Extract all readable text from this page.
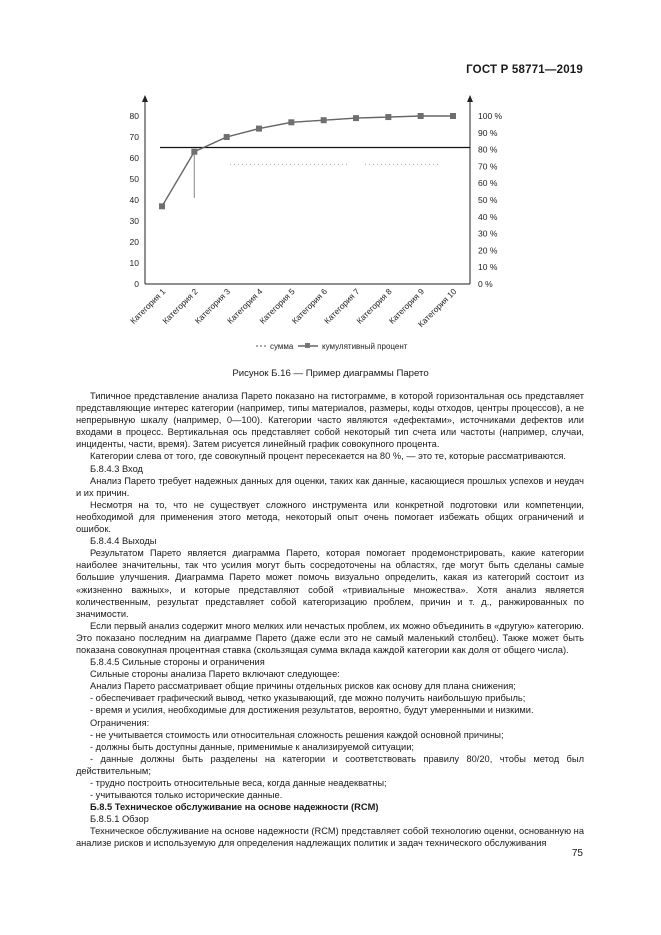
ГОСТ Р 58771—2019
0
10
20
30
40
50
60
70
80
0 %
10 %
20 %
30 %
40 %
50 %
60 %
70 %
80 %
90 %
100 %
Категория 1
Категория 2
Категория 3
Категория 4
Категория 5
Категория 6
Категория 7
Категория 8
Категория 9
Категория 10
сумма	кумулятивный процент
Рисунок Б.16 — Пример диаграммы Парето

Типичное представление анализа Парето показано на гистограмме, в которой горизонтальная ось представляет представляющие интерес категории (например, типы материалов, размеры, коды отходов, центры процессов), а не непрерывную шкалу (например, 0—100). Категории часто являются «дефектами», источниками дефектов или входами в процесс. Вертикальная ось представляет собой некоторый тип счета или частоты (например, случаи, инциденты, части, время). Затем рисуется линейный график совокупного процента.

Категории слева от того, где совокупный процент пересекается на 80 %, — это те, которые рассматриваются.

Б.8.4.3 Вход

Анализ Парето требует надежных данных для оценки, таких как данные, касающиеся прошлых успехов и неудач и их причин.

Несмотря на то, что не существует сложного инструмента или конкретной подготовки или компетенции, необходимой для применения этого метода, некоторый опыт очень помогает избежать общих ограничений и ошибок.

Б.8.4.4 Выходы

Результатом Парето является диаграмма Парето, которая помогает продемонстрировать, какие категории наиболее значительны, так что усилия могут быть сосредоточены на областях, где могут быть сделаны самые большие улучшения. Диаграмма Парето может помочь визуально определить, какая из категорий состоит из «жизненно важных», и которые представляют собой «тривиальные множества». Хотя анализ является количественным, результат представляет собой категоризацию проблем, причин и т. д., ранжированных по значимости.

Если первый анализ содержит много мелких или нечастых проблем, их можно объединить в «другую» категорию. Это показано последним на диаграмме Парето (даже если это не самый маленький столбец). Также может быть показана совокупная процентная ставка (скользящая сумма вклада каждой категории как доля от общего числа).

Б.8.4.5 Сильные стороны и ограничения

Сильные стороны анализа Парето включают следующее:

Анализ Парето рассматривает общие причины отдельных рисков как основу для плана снижения;

- обеспечивает графический вывод, четко указывающий, где можно получить наибольшую прибыль;

- время и усилия, необходимые для достижения результатов, вероятно, будут умеренными и низкими.

Ограничения:

- не учитывается стоимость или относительная сложность решения каждой основной причины;

- должны быть доступны данные, применимые к анализируемой ситуации;

- данные должны быть разделены на категории и соответствовать правилу 80/20, чтобы метод был действительным;

- трудно построить относительные веса, когда данные неадекватны;

- учитываются только исторические данные.

Б.8.5 Техническое обслуживание на основе надежности (RCM)

Б.8.5.1 Обзор

Техническое обслуживание на основе надежности (RCM) представляет собой технологию оценки, основанную на анализе рисков и используемую для определения надлежащих политик и задач технического обслуживания

75
